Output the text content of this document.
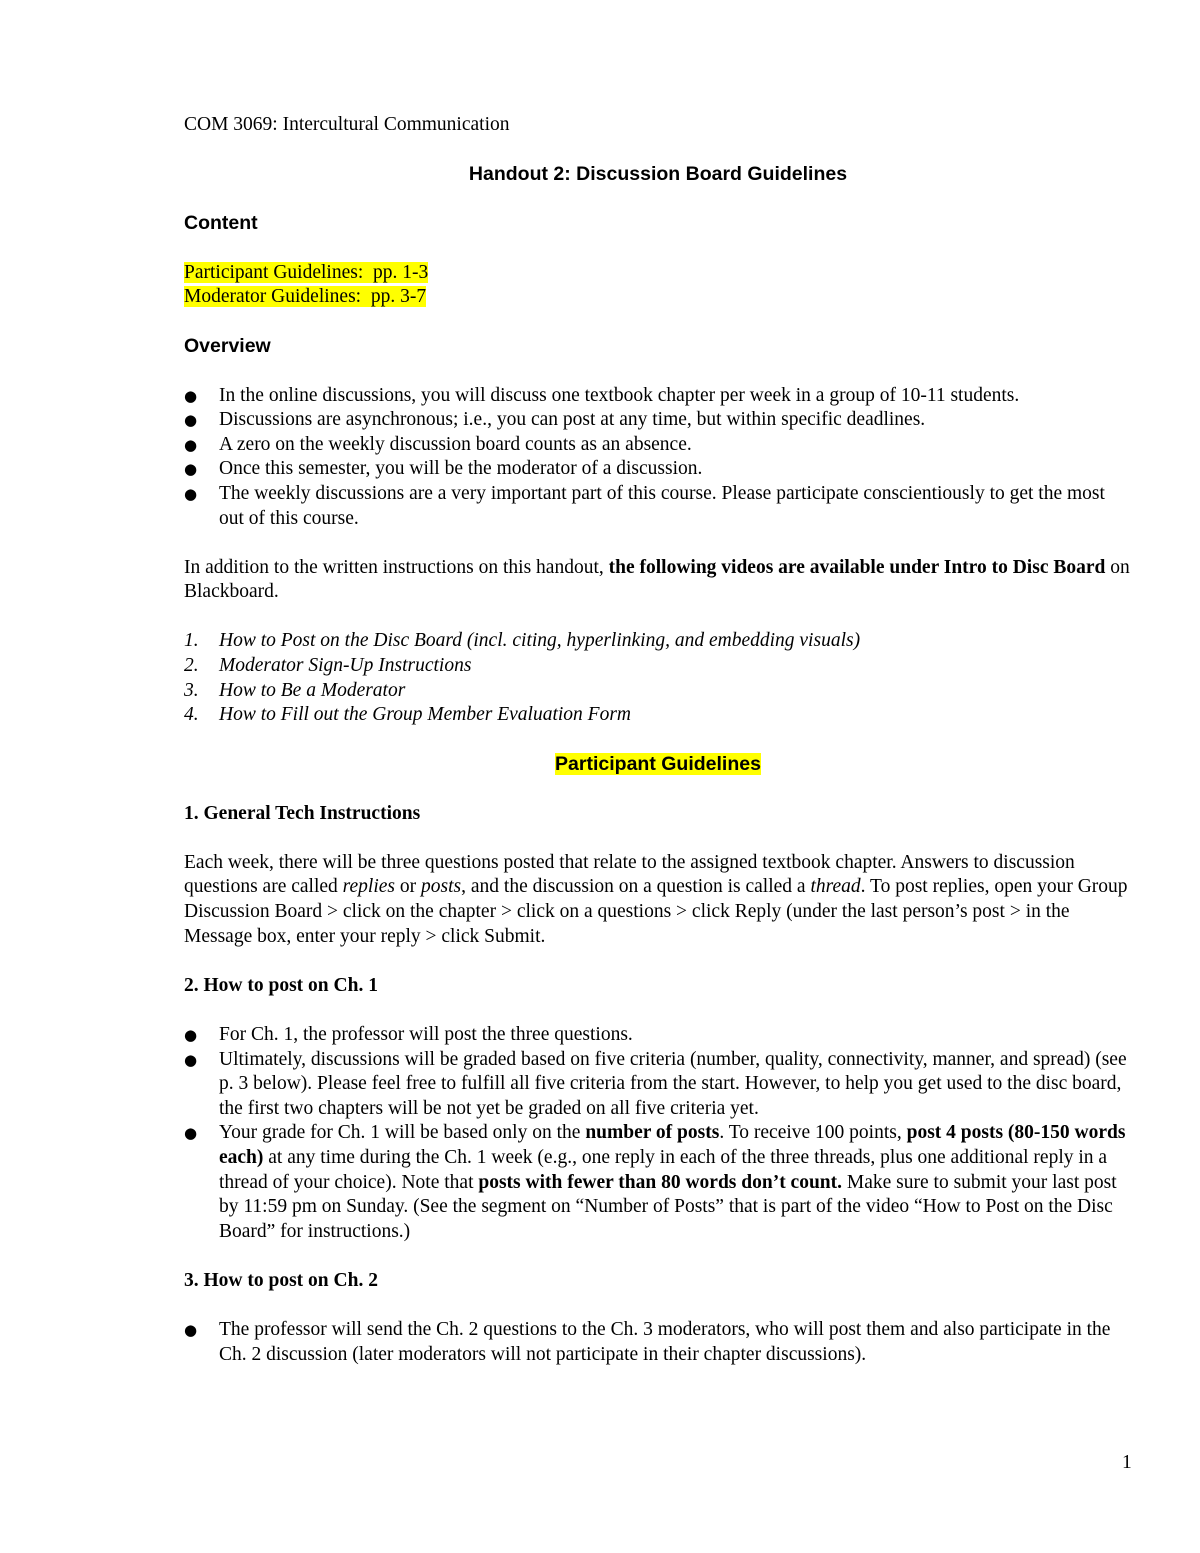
COM 3069: Intercultural Communication

Handout 2: Discussion Board Guidelines

Content

Participant Guidelines: pp. 1-3

Moderator Guidelines: pp. 3-7

Overview

●	In the online discussions, you will discuss one textbook chapter per week in a group of 10-11 students.
●	Discussions are asynchronous; i.e., you can post at any time, but within specific deadlines.
●	A zero on the weekly discussion board counts as an absence.
●	Once this semester, you will be the moderator of a discussion.
●	The weekly discussions are a very important part of this course. Please participate conscientiously to get the most out of this course.

In addition to the written instructions on this handout, the following videos are available under Intro to Disc Board on Blackboard.

1. How to Post on the Disc Board (incl. citing, hyperlinking, and embedding visuals)
2. Moderator Sign-Up Instructions
3. How to Be a Moderator
4. How to Fill out the Group Member Evaluation Form

Participant Guidelines

1. General Tech Instructions

Each week, there will be three questions posted that relate to the assigned textbook chapter. Answers to discussion questions are called replies or posts, and the discussion on a question is called a thread. To post replies, open your Group Discussion Board > click on the chapter > click on a questions > click Reply (under the last person’s post > in the Message box, enter your reply > click Submit.

2. How to post on Ch. 1

●	For Ch. 1, the professor will post the three questions.
●	Ultimately, discussions will be graded based on five criteria (number, quality, connectivity, manner, and spread) (see p. 3 below). Please feel free to fulfill all five criteria from the start. However, to help you get used to the disc board, the first two chapters will be not yet be graded on all five criteria yet.
●	Your grade for Ch. 1 will be based only on the number of posts. To receive 100 points, post 4 posts (80-150 words each) at any time during the Ch. 1 week (e.g., one reply in each of the three threads, plus one additional reply in a thread of your choice). Note that posts with fewer than 80 words don’t count. Make sure to submit your last post by 11:59 pm on Sunday. (See the segment on “Number of Posts” that is part of the video “How to Post on the Disc Board” for instructions.)

3. How to post on Ch. 2

●	The professor will send the Ch. 2 questions to the Ch. 3 moderators, who will post them and also participate in the Ch. 2 discussion (later moderators will not participate in their chapter discussions).
1
